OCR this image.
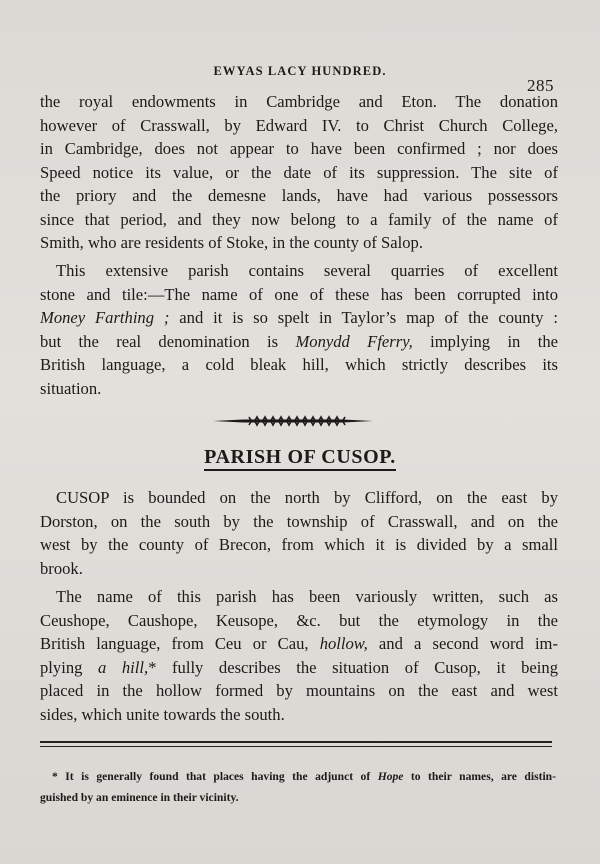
EWYAS LACY HUNDRED.
285
the royal endowments in Cambridge and Eton. The donation
however of Crasswall, by Edward IV. to Christ Church College,
in Cambridge, does not appear to have been confirmed ; nor does
Speed notice its value, or the date of its suppression. The site of
the priory and the demesne lands, have had various possessors
since that period, and they now belong to a family of the name of
Smith, who are residents of Stoke, in the county of Salop.
This extensive parish contains several quarries of excellent
stone and tile:—The name of one of these has been corrupted into
Money Farthing ; and it is so spelt in Taylor’s map of the county :
but the real denomination is Monydd Fferry, implying in the
British language, a cold bleak hill, which strictly describes its
situation.
PARISH OF CUSOP.
CUSOP is bounded on the north by Clifford, on the east by
Dorston, on the south by the township of Crasswall, and on the
west by the county of Brecon, from which it is divided by a small
brook.
The name of this parish has been variously written, such as
Ceushope, Caushope, Keusope, &c. but the etymology in the
British language, from Ceu or Cau, hollow, and a second word im-
plying a hill,* fully describes the situation of Cusop, it being
placed in the hollow formed by mountains on the east and west
sides, which unite towards the south.
* It is generally found that places having the adjunct of Hope to their names, are distin-
guished by an eminence in their vicinity.
